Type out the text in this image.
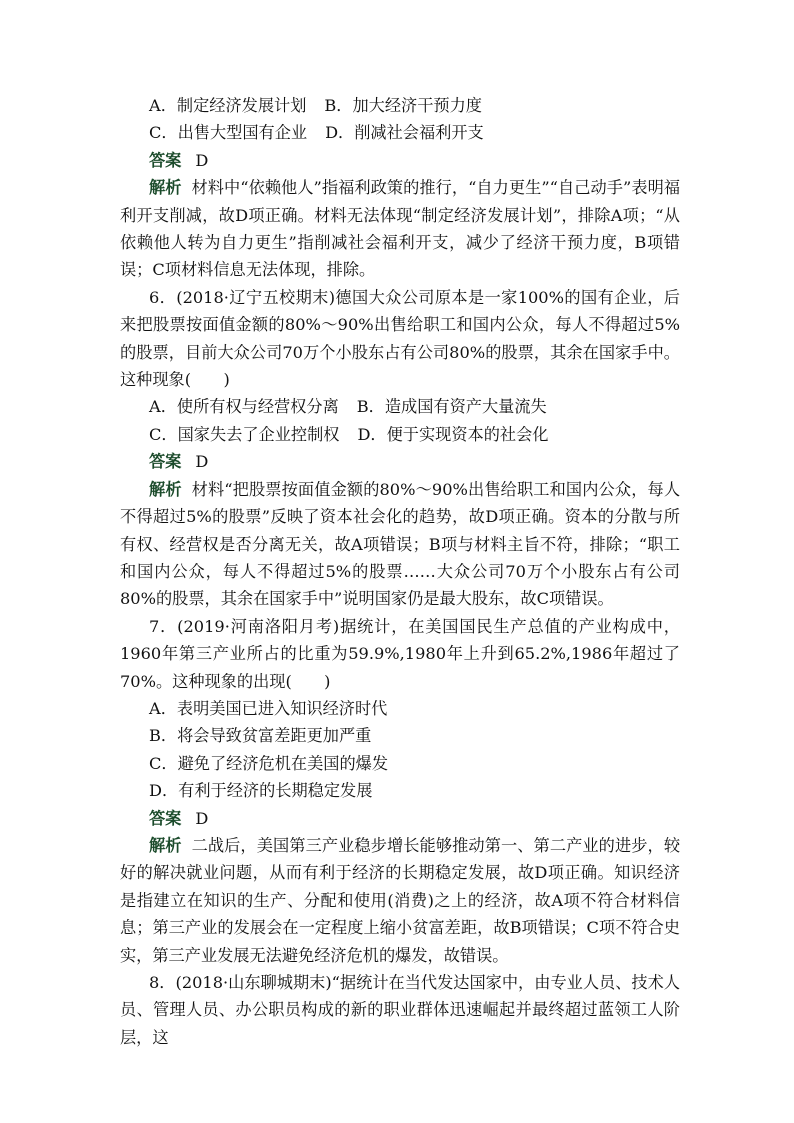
A．制定经济发展计划 B．加大经济干预力度
C．出售大型国有企业 D．削减社会福利开支
答案 D
解析 材料中“依赖他人”指福利政策的推行，“自力更生”“自己动手”表明福利开支削减，故D项正确。材料无法体现“制定经济发展计划”，排除A项；“从依赖他人转为自力更生”指削减社会福利开支，减少了经济干预力度，B项错误；C项材料信息无法体现，排除。
6．(2018·辽宁五校期末)德国大众公司原本是一家100%的国有企业，后来把股票按面值金额的80%～90%出售给职工和国内公众，每人不得超过5%的股票，目前大众公司70万个小股东占有公司80%的股票，其余在国家手中。这种现象(　　)
A．使所有权与经营权分离 B．造成国有资产大量流失
C．国家失去了企业控制权 D．便于实现资本的社会化
答案 D
解析 材料“把股票按面值金额的80%～90%出售给职工和国内公众，每人不得超过5%的股票”反映了资本社会化的趋势，故D项正确。资本的分散与所有权、经营权是否分离无关，故A项错误；B项与材料主旨不符，排除；“职工和国内公众，每人不得超过5%的股票……大众公司70万个小股东占有公司80%的股票，其余在国家手中”说明国家仍是最大股东，故C项错误。
7．(2019·河南洛阳月考)据统计，在美国国民生产总值的产业构成中，1960年第三产业所占的比重为59.9%,1980年上升到65.2%,1986年超过了70%。这种现象的出现(　　)
A．表明美国已进入知识经济时代
B．将会导致贫富差距更加严重
C．避免了经济危机在美国的爆发
D．有利于经济的长期稳定发展
答案 D
解析 二战后，美国第三产业稳步增长能够推动第一、第二产业的进步，较好的解决就业问题，从而有利于经济的长期稳定发展，故D项正确。知识经济是指建立在知识的生产、分配和使用(消费)之上的经济，故A项不符合材料信息；第三产业的发展会在一定程度上缩小贫富差距，故B项错误；C项不符合史实，第三产业发展无法避免经济危机的爆发，故错误。
8．(2018·山东聊城期末)“据统计在当代发达国家中，由专业人员、技术人员、管理人员、办公职员构成的新的职业群体迅速崛起并最终超过蓝领工人阶层，这
